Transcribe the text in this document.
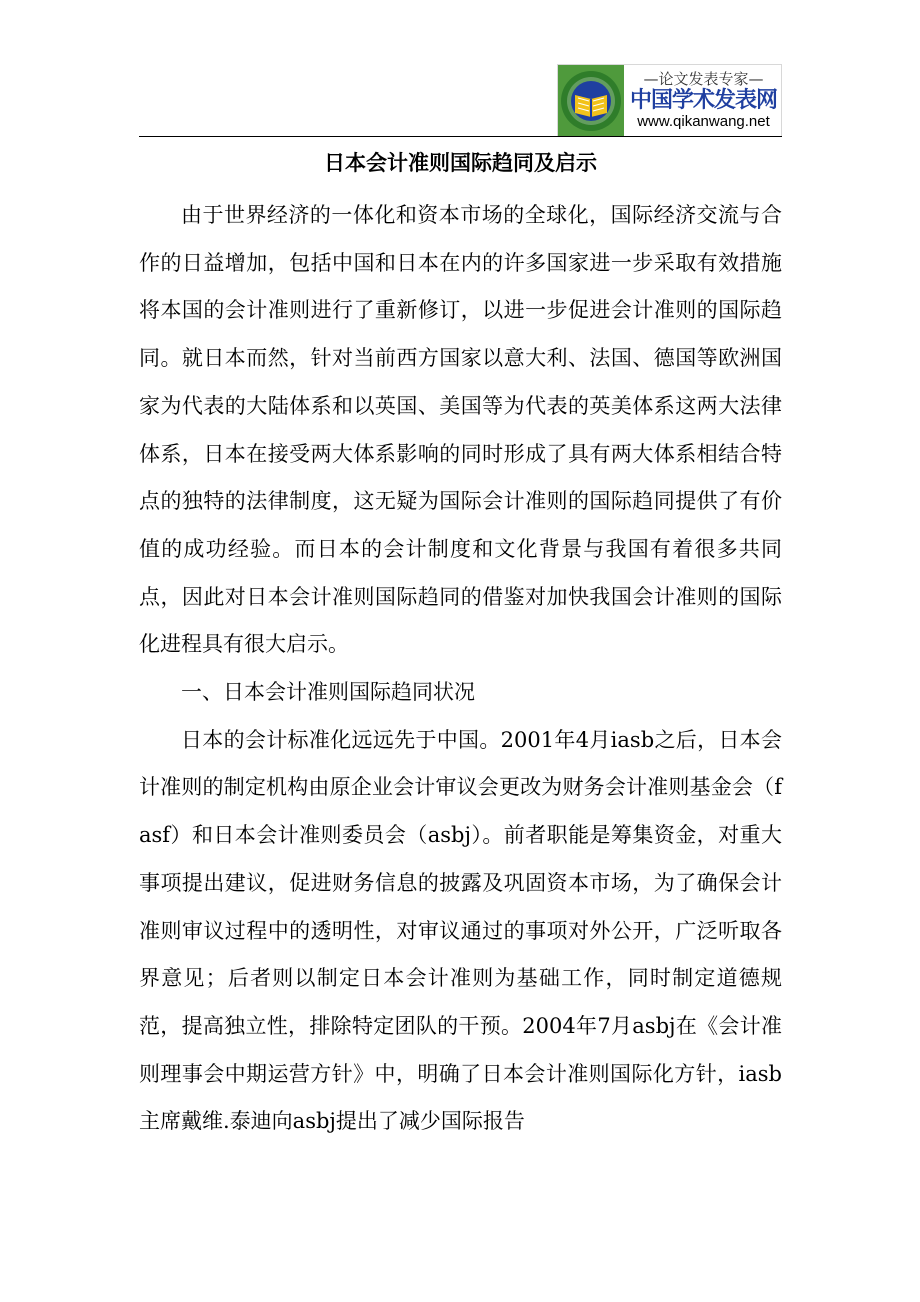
—论文发表专家—
中国学术发表网
www.qikanwang.net
日本会计准则国际趋同及启示

由于世界经济的一体化和资本市场的全球化，国际经济交流与合作的日益增加，包括中国和日本在内的许多国家进一步采取有效措施将本国的会计准则进行了重新修订，以进一步促进会计准则的国际趋同。就日本而然，针对当前西方国家以意大利、法国、德国等欧洲国家为代表的大陆体系和以英国、美国等为代表的英美体系这两大法律体系，日本在接受两大体系影响的同时形成了具有两大体系相结合特点的独特的法律制度，这无疑为国际会计准则的国际趋同提供了有价值的成功经验。而日本的会计制度和文化背景与我国有着很多共同点，因此对日本会计准则国际趋同的借鉴对加快我国会计准则的国际化进程具有很大启示。

一、日本会计准则国际趋同状况

日本的会计标准化远远先于中国。2001年4月iasb之后，日本会计准则的制定机构由原企业会计审议会更改为财务会计准则基金会（fasf）和日本会计准则委员会（asbj）。前者职能是筹集资金，对重大事项提出建议，促进财务信息的披露及巩固资本市场，为了确保会计准则审议过程中的透明性，对审议通过的事项对外公开，广泛听取各界意见；后者则以制定日本会计准则为基础工作，同时制定道德规范，提高独立性，排除特定团队的干预。2004年7月asbj在《会计准则理事会中期运营方针》中，明确了日本会计准则国际化方针，iasb主席戴维.泰迪向asbj提出了减少国际报告
